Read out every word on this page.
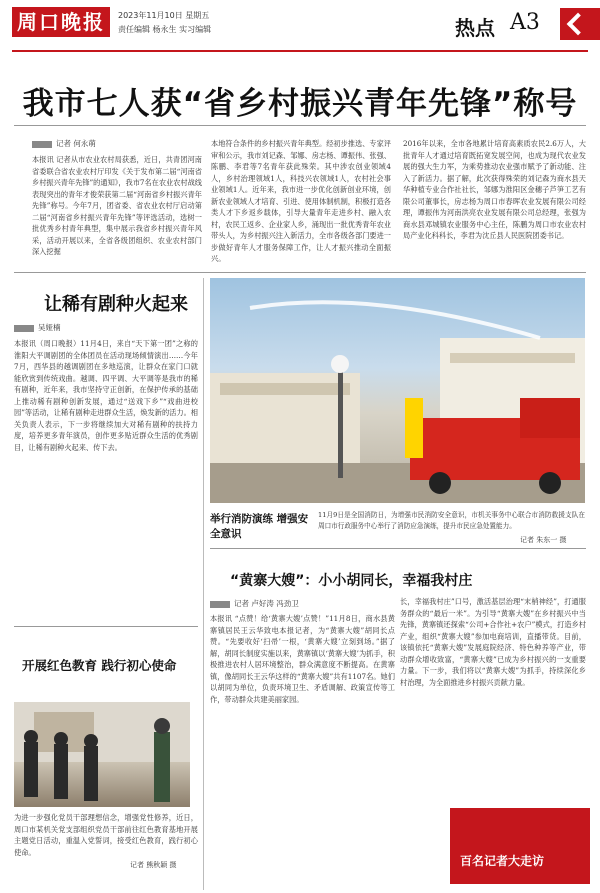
周口晚报	2023年11月10日 星期五
责任编辑 杨永生 实习编辑	热点 A3
我市七人获“省乡村振兴青年先锋”称号
记者 何永萌
本报讯 记者从市农业农村局获悉，近日，共青团河南省委联合省农业农村厅印发《关于发布第二届“河南省乡村振兴青年先锋”的通知》，我市7名在农业农村战线表现突出的青年才俊荣获第二届“河南省乡村振兴青年先锋”称号。今年7月，团省委、省农业农村厅启动第二届“河南省乡村振兴青年先锋”等评选活动，选树一批优秀乡村青年典型，集中展示我省乡村振兴青年风采，活动开展以来，全省各级团组织、农业农村部门深入挖掘
本地符合条件的乡村振兴青年典型。经初步推选、专家评审和公示，我市刘记森、邹娜、房志杨、谭振伟、张强、陈鹏、李君等7名青年获此殊荣。其中涉农创业领域4人，乡村治理领域1人，科技兴农领域1人，农村社会事业领域1人。近年来，我市进一步优化创新创业环境，创新农业领域人才培育、引进、使用体制机制，积极打造各类人才下乡返乡载体，引导大量青年走进乡村、融入农村，农民工返乡、企业家人乡，涌现出一批优秀青年农业带头人，为乡村振兴注入新活力，全市各级各部门要进一步做好青年人才服务保障工作，让人才振兴推动全面振兴。
2016年以来，全市各地累计培育高素质农民2.6万人，大批青年人才通过培育既拓宽发展空间，也成为现代农业发展的强大生力军，为乘势推动农业强市赋予了新动能、注入了新活力。据了解，此次获得殊荣的刘记森为商水县天华种植专业合作社社长，邹娜为淮阳区金穗子芦笋工艺有限公司董事长，房志杨为周口市春晖农业发展有限公司经理，谭振伟为河南洪亮农业发展有限公司总经理，张强为商水县邓城镇农业服务中心主任，陈鹏为周口市农业农村局产业化科科长，李君为沈丘县人民医院团委书记。
让稀有剧种火起来
吴娅楠
本报讯（周口晚报）11月4日，来自“天下第一团”之称的淮阳大平调剧团的全体团员在活动现场倾情演出……今年7月，西华县的越调剧团在多地巡演，让群众在家门口就能欣赏到传统戏曲。越调、四平调、大平调等是我市的稀有剧种，近年来，我市坚持守正创新，在保护传承的基础上推动稀有剧种创新发展，通过“送戏下乡”“戏曲进校园”等活动，让稀有剧种走进群众生活，焕发新的活力。相关负责人表示，下一步将继续加大对稀有剧种的扶持力度，培养更多青年演员，创作更多贴近群众生活的优秀剧目，让稀有剧种火起来、传下去。
举行消防演练 增强安全意识
11月9日是全国消防日，为增强市民消防安全意识，市机关事务中心联合市消防救援支队在周口市行政服务中心举行了消防应急演练，提升市民应急处置能力。
记者 朱东一 摄
“黄寨大嫂”：小小胡同长，幸福我村庄
记者 卢好涛 冯劲卫
本报讯 “点赞！给‘黄寨大嫂’点赞！”11月8日，商水县黄寨镇居民王云华致电本报记者，为“黄寨大嫂”胡同长点赞。“先要收好‘扫帚’一根，‘黄寨大嫂’立刻到场。”据了解，胡同长制度实施以来，黄寨镇以‘黄寨大嫂’为抓手，积极推进农村人居环境整治，群众满意度不断提高。在黄寨镇，像胡同长王云华这样的“黄寨大嫂”共有1107名。她们以胡同为单位，负责环境卫生、矛盾调解、政策宣传等工作，带动群众共建美丽家园。
长，幸福我村庄”口号，激活基层治理“末梢神经”，打通服务群众的“最后一米”。为引导“黄寨大嫂”在乡村振兴中当先锋，黄寨镇还探索“公司+合作社+农户”模式，打造乡村产业，组织“黄寨大嫂”参加电商培训，直播带货。目前，该镇依托“黄寨大嫂”发展庭院经济、特色种养等产业，带动群众增收致富，“黄寨大嫂”已成为乡村振兴的一支重要力量。下一步，我们将以“黄寨大嫂”为抓手，持续深化乡村治理，为全面推进乡村振兴贡献力量。
开展红色教育 践行初心使命
为进一步强化党员干部理想信念，增强党性修养，近日，周口市某机关党支部组织党员干部前往红色教育基地开展主题党日活动，重温入党誓词，接受红色教育，践行初心使命。
记者 熊秋颖 摄	百名记者大走访
